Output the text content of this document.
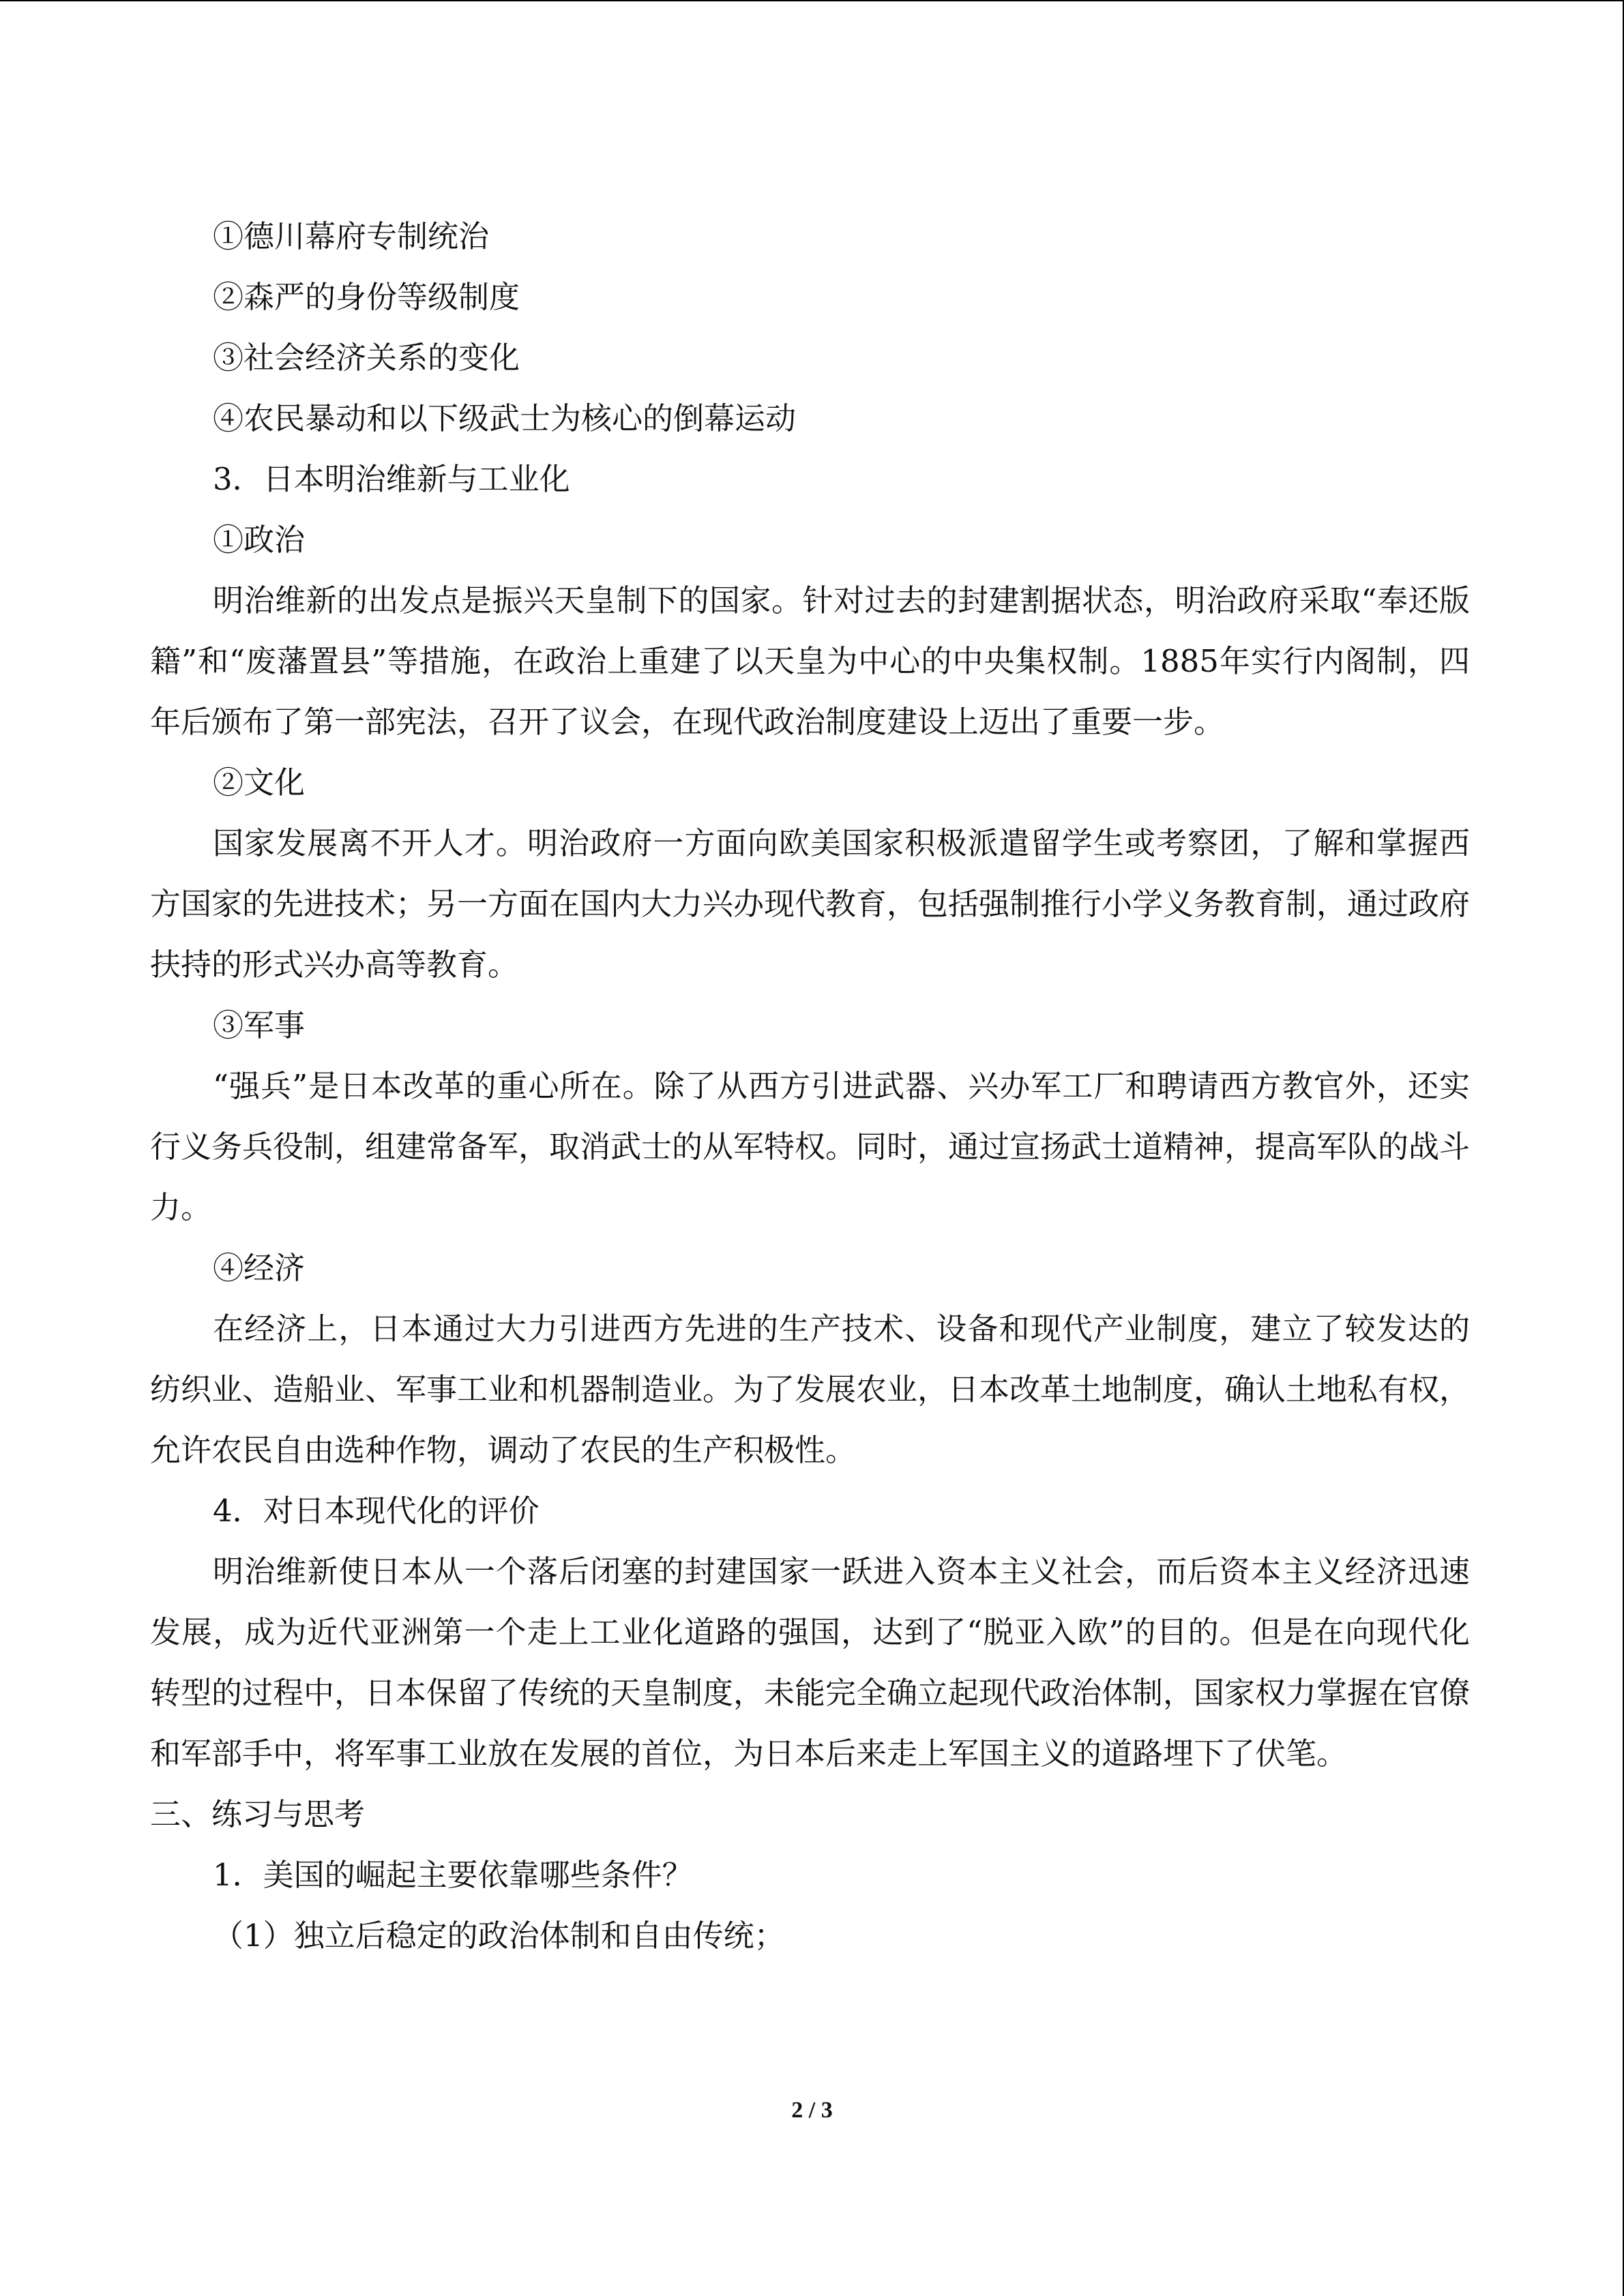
①德川幕府专制统治

②森严的身份等级制度

③社会经济关系的变化

④农民暴动和以下级武士为核心的倒幕运动

3．日本明治维新与工业化

①政治

明治维新的出发点是振兴天皇制下的国家。针对过去的封建割据状态，明治政府采取“奉还版籍”和“废藩置县”等措施，在政治上重建了以天皇为中心的中央集权制。1885年实行内阁制，四年后颁布了第一部宪法，召开了议会，在现代政治制度建设上迈出了重要一步。

②文化

国家发展离不开人才。明治政府一方面向欧美国家积极派遣留学生或考察团，了解和掌握西方国家的先进技术；另一方面在国内大力兴办现代教育，包括强制推行小学义务教育制，通过政府扶持的形式兴办高等教育。

③军事

“强兵”是日本改革的重心所在。除了从西方引进武器、兴办军工厂和聘请西方教官外，还实行义务兵役制，组建常备军，取消武士的从军特权。同时，通过宣扬武士道精神，提高军队的战斗力。

④经济

在经济上，日本通过大力引进西方先进的生产技术、设备和现代产业制度，建立了较发达的纺织业、造船业、军事工业和机器制造业。为了发展农业，日本改革土地制度，确认土地私有权，允许农民自由选种作物，调动了农民的生产积极性。

4．对日本现代化的评价

明治维新使日本从一个落后闭塞的封建国家一跃进入资本主义社会，而后资本主义经济迅速发展，成为近代亚洲第一个走上工业化道路的强国，达到了“脱亚入欧”的目的。但是在向现代化转型的过程中，日本保留了传统的天皇制度，未能完全确立起现代政治体制，国家权力掌握在官僚和军部手中，将军事工业放在发展的首位，为日本后来走上军国主义的道路埋下了伏笔。

三、练习与思考

1．美国的崛起主要依靠哪些条件？

（1）独立后稳定的政治体制和自由传统；

2 / 3
